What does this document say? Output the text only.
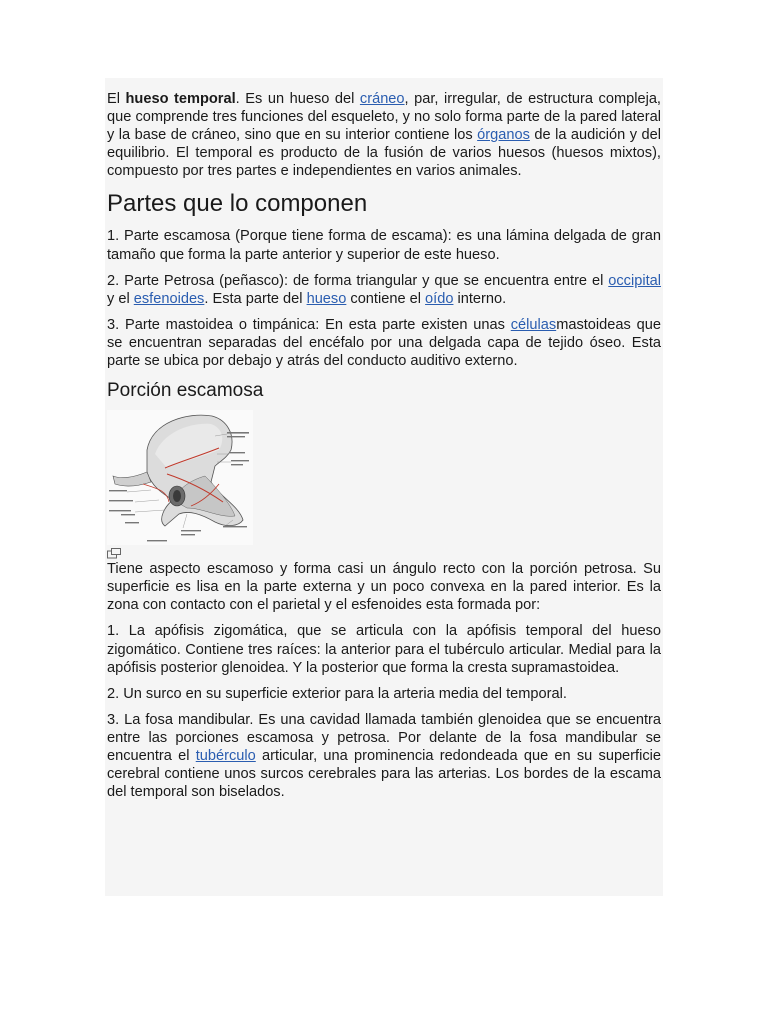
El hueso temporal. Es un hueso del cráneo, par, irregular, de estructura compleja, que comprende tres funciones del esqueleto, y no solo forma parte de la pared lateral y la base de cráneo, sino que en su interior contiene los órganos de la audición y del equilibrio. El temporal es producto de la fusión de varios huesos (huesos mixtos), compuesto por tres partes e independientes en varios animales.

Partes que lo componen

1. Parte escamosa (Porque tiene forma de escama): es una lámina delgada de gran tamaño que forma la parte anterior y superior de este hueso.

2. Parte Petrosa (peñasco): de forma triangular y que se encuentra entre el occipital y el esfenoides. Esta parte del hueso contiene el oído interno.

3. Parte mastoidea o timpánica: En esta parte existen unas célulasmastoideas que se encuentran separadas del encéfalo por una delgada capa de tejido óseo. Esta parte se ubica por debajo y atrás del conducto auditivo externo.

Porción escamosa

Tiene aspecto escamoso y forma casi un ángulo recto con la porción petrosa. Su superficie es lisa en la parte externa y un poco convexa en la pared interior. Es la zona con contacto con el parietal y el esfenoides esta formada por:

1. La apófisis zigomática, que se articula con la apófisis temporal del hueso zigomático. Contiene tres raíces: la anterior para el tubérculo articular. Medial para la apófisis posterior glenoidea. Y la posterior que forma la cresta supramastoidea.

2. Un surco en su superficie exterior para la arteria media del temporal.

3. La fosa mandibular. Es una cavidad llamada también glenoidea que se encuentra entre las porciones escamosa y petrosa. Por delante de la fosa mandibular se encuentra el tubérculo articular, una prominencia redondeada que en su superficie cerebral contiene unos surcos cerebrales para las arterias. Los bordes de la escama del temporal son biselados.
